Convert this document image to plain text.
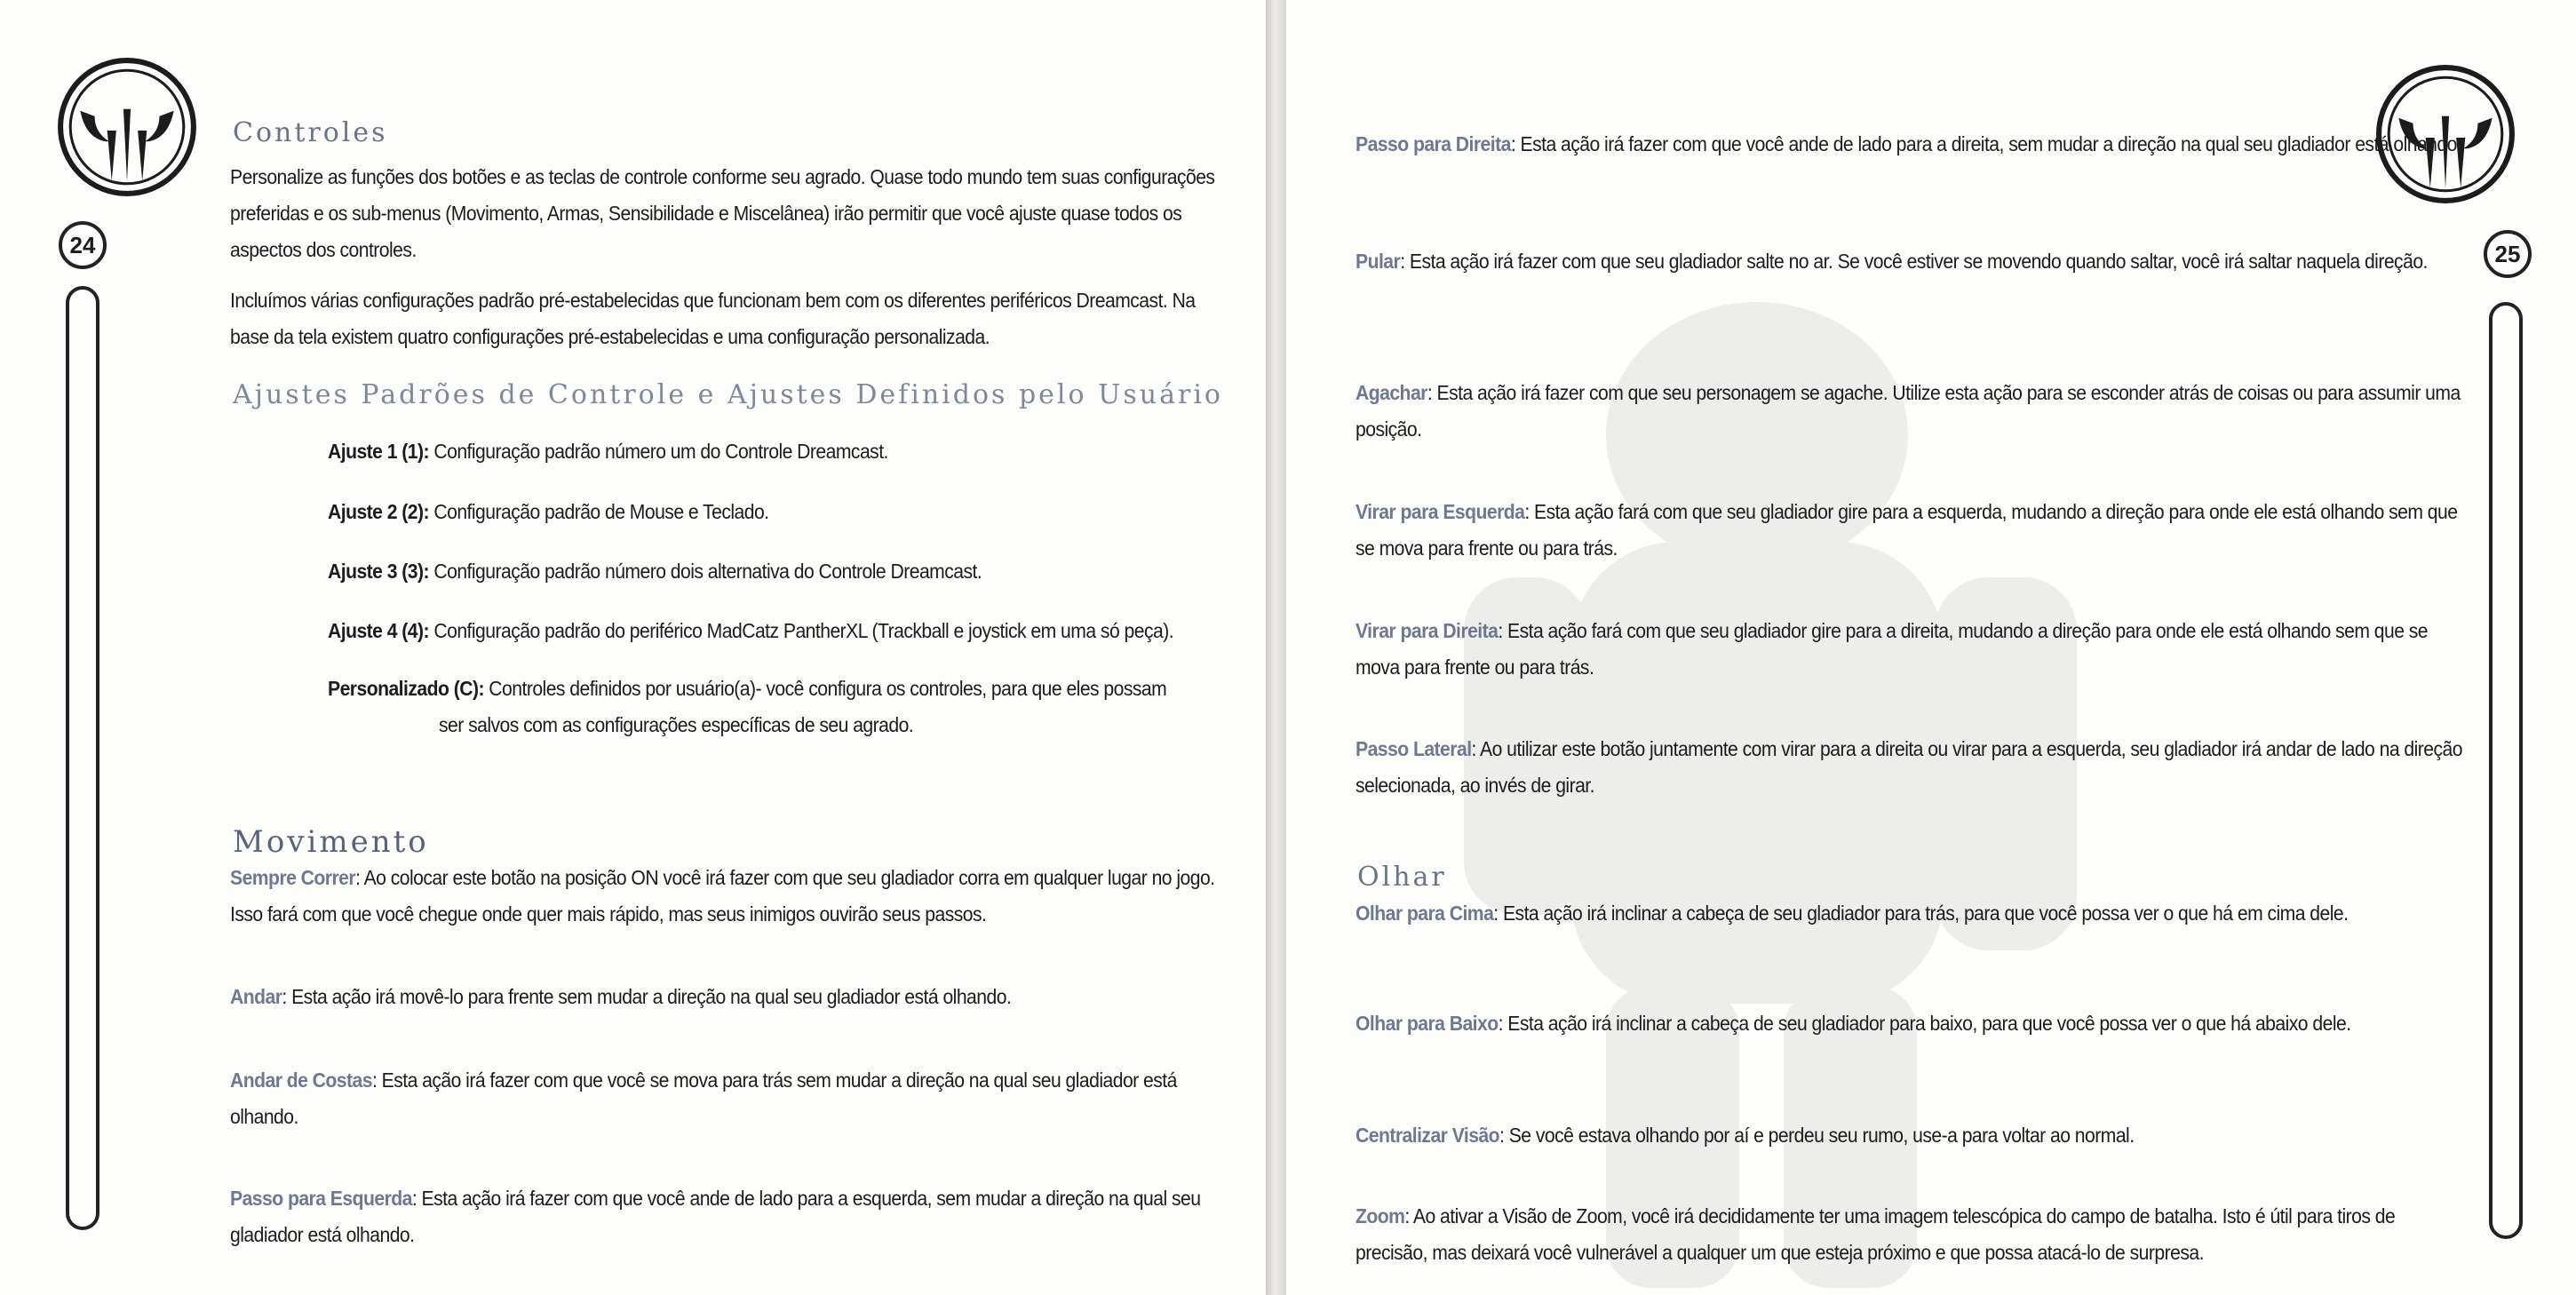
24
Controles
Personalize as funções dos botões e as teclas de controle conforme seu agrado. Quase todo mundo tem suas configurações preferidas e os sub-menus (Movimento, Armas, Sensibilidade e Miscelânea) irão permitir que você ajuste quase todos os aspectos dos controles.
Incluímos várias configurações padrão pré-estabelecidas que funcionam bem com os diferentes periféricos Dreamcast. Na base da tela existem quatro configurações pré-estabelecidas e uma configuração personalizada.
Ajustes Padrões de Controle e Ajustes Definidos pelo Usuário
Ajuste 1 (1): Configuração padrão número um do Controle Dreamcast.
Ajuste 2 (2): Configuração padrão de Mouse e Teclado.
Ajuste 3 (3): Configuração padrão número dois alternativa do Controle Dreamcast.
Ajuste 4 (4): Configuração padrão do periférico MadCatz PantherXL (Trackball e joystick em uma só peça).
Personalizado (C): Controles definidos por usuário(a)- você configura os controles, para que eles possam
ser salvos com as configurações específicas de seu agrado.
Movimento
Sempre Correr: Ao colocar este botão na posição ON você irá fazer com que seu gladiador corra em qualquer lugar no jogo. Isso fará com que você chegue onde quer mais rápido, mas seus inimigos ouvirão seus passos.
Andar: Esta ação irá movê-lo para frente sem mudar a direção na qual seu gladiador está olhando.
Andar de Costas: Esta ação irá fazer com que você se mova para trás sem mudar a direção na qual seu gladiador está olhando.
Passo para Esquerda: Esta ação irá fazer com que você ande de lado para a esquerda, sem mudar a direção na qual seu gladiador está olhando.
25
Passo para Direita: Esta ação irá fazer com que você ande de lado para a direita, sem mudar a direção na qual seu gladiador está olhando.
Pular: Esta ação irá fazer com que seu gladiador salte no ar. Se você estiver se movendo quando saltar, você irá saltar naquela direção.
Agachar: Esta ação irá fazer com que seu personagem se agache. Utilize esta ação para se esconder atrás de coisas ou para assumir uma posição.
Virar para Esquerda: Esta ação fará com que seu gladiador gire para a esquerda, mudando a direção para onde ele está olhando sem que se mova para frente ou para trás.
Virar para Direita: Esta ação fará com que seu gladiador gire para a direita, mudando a direção para onde ele está olhando sem que se mova para frente ou para trás.
Passo Lateral: Ao utilizar este botão juntamente com virar para a direita ou virar para a esquerda, seu gladiador irá andar de lado na direção selecionada, ao invés de girar.
Olhar
Olhar para Cima: Esta ação irá inclinar a cabeça de seu gladiador para trás, para que você possa ver o que há em cima dele.
Olhar para Baixo: Esta ação irá inclinar a cabeça de seu gladiador para baixo, para que você possa ver o que há abaixo dele.
Centralizar Visão: Se você estava olhando por aí e perdeu seu rumo, use-a para voltar ao normal.
Zoom: Ao ativar a Visão de Zoom, você irá decididamente ter uma imagem telescópica do campo de batalha. Isto é útil para tiros de precisão, mas deixará você vulnerável a qualquer um que esteja próximo e que possa atacá-lo de surpresa.
